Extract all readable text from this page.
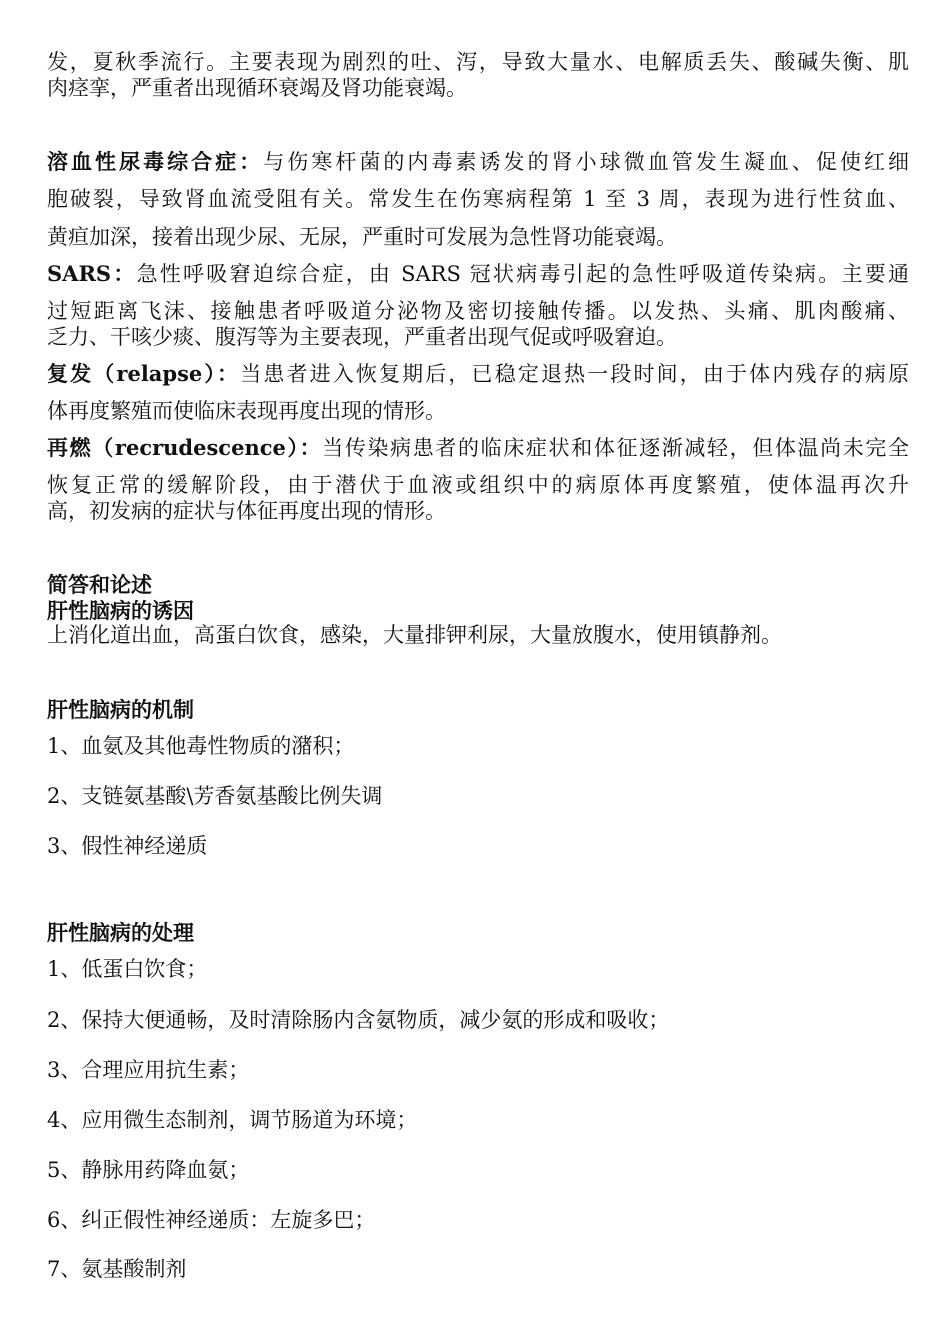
发，夏秋季流行。主要表现为剧烈的吐、泻，导致大量水、电解质丢失、酸碱失衡、肌
肉痉挛，严重者出现循环衰竭及肾功能衰竭。
溶血性尿毒综合症：与伤寒杆菌的内毒素诱发的肾小球微血管发生凝血、促使红细
胞破裂，导致肾血流受阻有关。常发生在伤寒病程第 1 至 3 周，表现为进行性贫血、
黄疸加深，接着出现少尿、无尿，严重时可发展为急性肾功能衰竭。
SARS：急性呼吸窘迫综合症，由 SARS 冠状病毒引起的急性呼吸道传染病。主要通
过短距离飞沫、接触患者呼吸道分泌物及密切接触传播。以发热、头痛、肌肉酸痛、
乏力、干咳少痰、腹泻等为主要表现，严重者出现气促或呼吸窘迫。
复发（relapse）：当患者进入恢复期后，已稳定退热一段时间，由于体内残存的病原
体再度繁殖而使临床表现再度出现的情形。
再燃（recrudescence）：当传染病患者的临床症状和体征逐渐减轻，但体温尚未完全
恢复正常的缓解阶段，由于潜伏于血液或组织中的病原体再度繁殖，使体温再次升
高，初发病的症状与体征再度出现的情形。
简答和论述
肝性脑病的诱因
上消化道出血，高蛋白饮食，感染，大量排钾利尿，大量放腹水，使用镇静剂。
肝性脑病的机制
1、血氨及其他毒性物质的潴积；
2、支链氨基酸\芳香氨基酸比例失调
3、假性神经递质
肝性脑病的处理
1、低蛋白饮食；
2、保持大便通畅，及时清除肠内含氨物质，减少氨的形成和吸收；
3、合理应用抗生素；
4、应用微生态制剂，调节肠道为环境；
5、静脉用药降血氨；
6、纠正假性神经递质：左旋多巴；
7、氨基酸制剂
